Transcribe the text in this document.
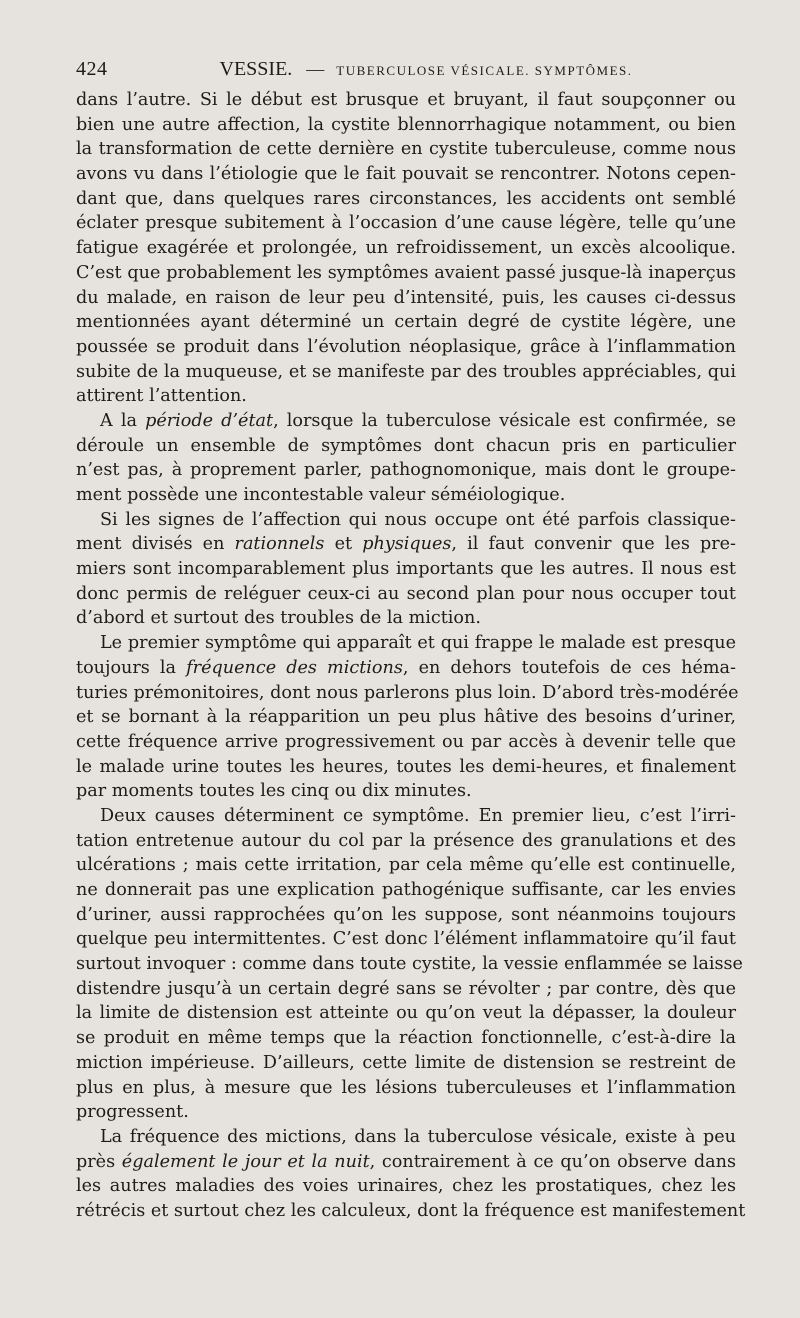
424	VESSIE. — TUBERCULOSE VÉSICALE. SYMPTÔMES.
dans l’autre. Si le début est brusque et bruyant, il faut soupçonner ou
bien une autre affection, la cystite blennorrhagique notamment, ou bien
la transformation de cette dernière en cystite tuberculeuse, comme nous
avons vu dans l’étiologie que le fait pouvait se rencontrer. Notons cepen-
dant que, dans quelques rares circonstances, les accidents ont semblé
éclater presque subitement à l’occasion d’une cause légère, telle qu’une
fatigue exagérée et prolongée, un refroidissement, un excès alcoolique.
C’est que probablement les symptômes avaient passé jusque-là inaperçus
du malade, en raison de leur peu d’intensité, puis, les causes ci-dessus
mentionnées ayant déterminé un certain degré de cystite légère, une
poussée se produit dans l’évolution néoplasique, grâce à l’inflammation
subite de la muqueuse, et se manifeste par des troubles appréciables, qui
attirent l’attention.
A la période d’état, lorsque la tuberculose vésicale est confirmée, se
déroule un ensemble de symptômes dont chacun pris en particulier
n’est pas, à proprement parler, pathognomonique, mais dont le groupe-
ment possède une incontestable valeur séméiologique.
Si les signes de l’affection qui nous occupe ont été parfois classique-
ment divisés en rationnels et physiques, il faut convenir que les pre-
miers sont incomparablement plus importants que les autres. Il nous est
donc permis de reléguer ceux-ci au second plan pour nous occuper tout
d’abord et surtout des troubles de la miction.
Le premier symptôme qui apparaît et qui frappe le malade est presque
toujours la fréquence des mictions, en dehors toutefois de ces héma-
turies prémonitoires, dont nous parlerons plus loin. D’abord très-modérée
et se bornant à la réapparition un peu plus hâtive des besoins d’uriner,
cette fréquence arrive progressivement ou par accès à devenir telle que
le malade urine toutes les heures, toutes les demi-heures, et finalement
par moments toutes les cinq ou dix minutes.
Deux causes déterminent ce symptôme. En premier lieu, c’est l’irri-
tation entretenue autour du col par la présence des granulations et des
ulcérations ; mais cette irritation, par cela même qu’elle est continuelle,
ne donnerait pas une explication pathogénique suffisante, car les envies
d’uriner, aussi rapprochées qu’on les suppose, sont néanmoins toujours
quelque peu intermittentes. C’est donc l’élément inflammatoire qu’il faut
surtout invoquer : comme dans toute cystite, la vessie enflammée se laisse
distendre jusqu’à un certain degré sans se révolter ; par contre, dès que
la limite de distension est atteinte ou qu’on veut la dépasser, la douleur
se produit en même temps que la réaction fonctionnelle, c’est-à-dire la
miction impérieuse. D’ailleurs, cette limite de distension se restreint de
plus en plus, à mesure que les lésions tuberculeuses et l’inflammation
progressent.
La fréquence des mictions, dans la tuberculose vésicale, existe à peu
près également le jour et la nuit, contrairement à ce qu’on observe dans
les autres maladies des voies urinaires, chez les prostatiques, chez les
rétrécis et surtout chez les calculeux, dont la fréquence est manifestement
